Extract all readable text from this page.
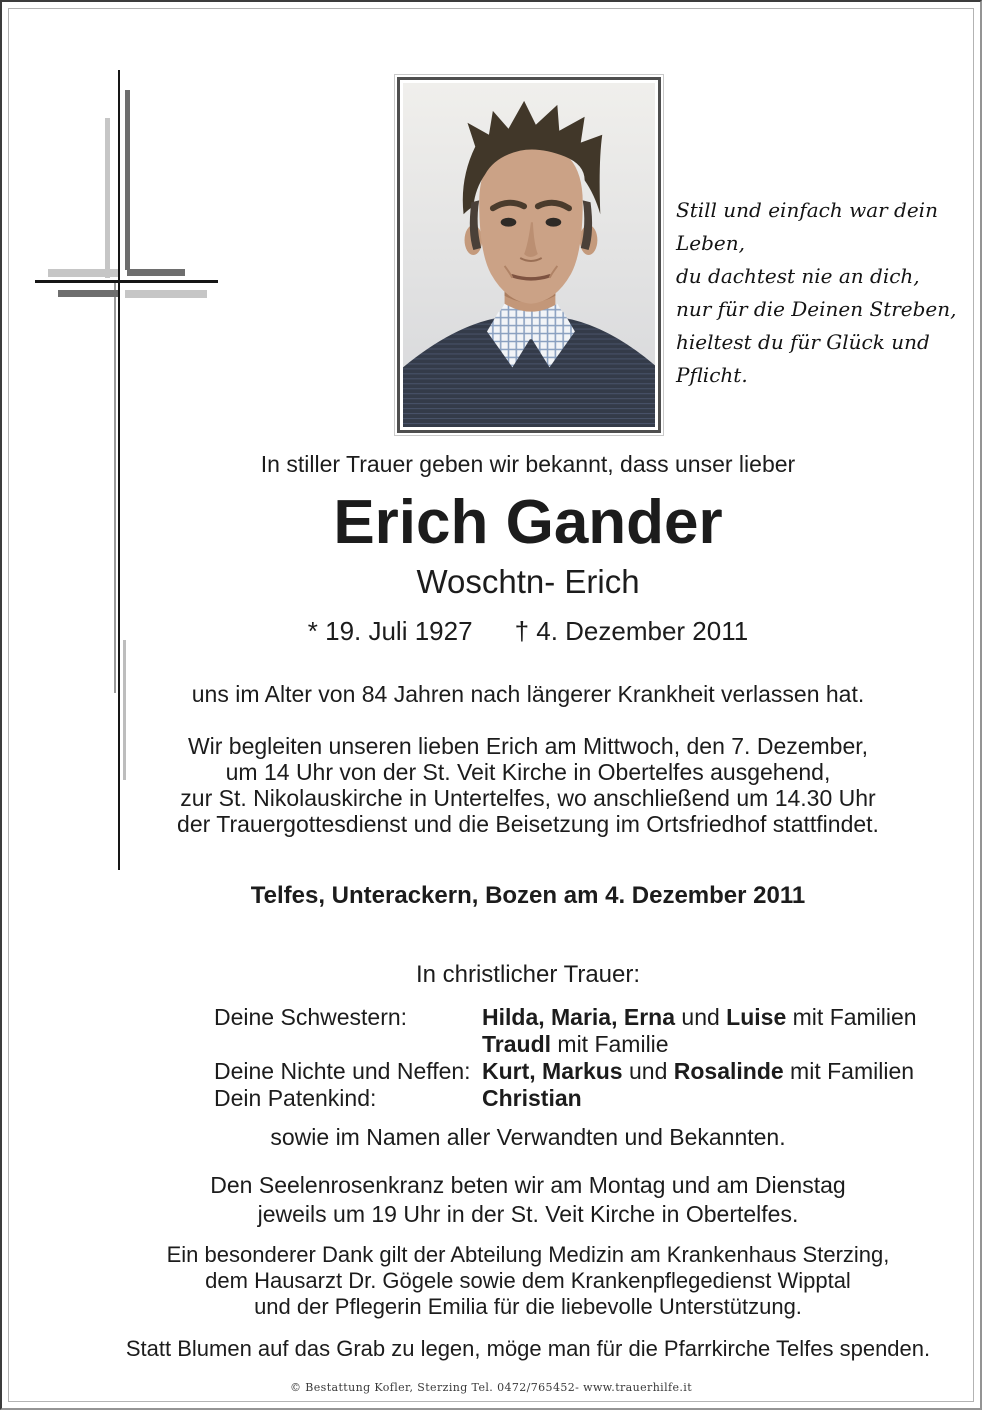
Still und einfach war dein Leben,
du dachtest nie an dich,
nur für die Deinen Streben,
hieltest du für Glück und Pflicht.
In stiller Trauer geben wir bekannt, dass unser lieber
Erich Gander
Woschtn- Erich
* 19. Juli 1927 † 4. Dezember 2011
uns im Alter von 84 Jahren nach längerer Krankheit verlassen hat.
Wir begleiten unseren lieben Erich am Mittwoch, den 7. Dezember,
um 14 Uhr von der St. Veit Kirche in Obertelfes ausgehend,
zur St. Nikolauskirche in Untertelfes, wo anschließend um 14.30 Uhr
der Trauergottesdienst und die Beisetzung im Ortsfriedhof stattfindet.
Telfes, Unterackern, Bozen am 4. Dezember 2011
In christlicher Trauer:
Deine Schwestern:	Hilda, Maria, Erna und Luise mit Familien
Traudl mit Familie
Deine Nichte und Neffen: Kurt, Markus und Rosalinde mit Familien
Dein Patenkind:	Christian
sowie im Namen aller Verwandten und Bekannten.
Den Seelenrosenkranz beten wir am Montag und am Dienstag
jeweils um 19 Uhr in der St. Veit Kirche in Obertelfes.
Ein besonderer Dank gilt der Abteilung Medizin am Krankenhaus Sterzing,
dem Hausarzt Dr. Gögele sowie dem Krankenpflegedienst Wipptal
und der Pflegerin Emilia für die liebevolle Unterstützung.
Statt Blumen auf das Grab zu legen, möge man für die Pfarrkirche Telfes spenden.
© Bestattung Kofler, Sterzing Tel. 0472/765452- www.trauerhilfe.it
